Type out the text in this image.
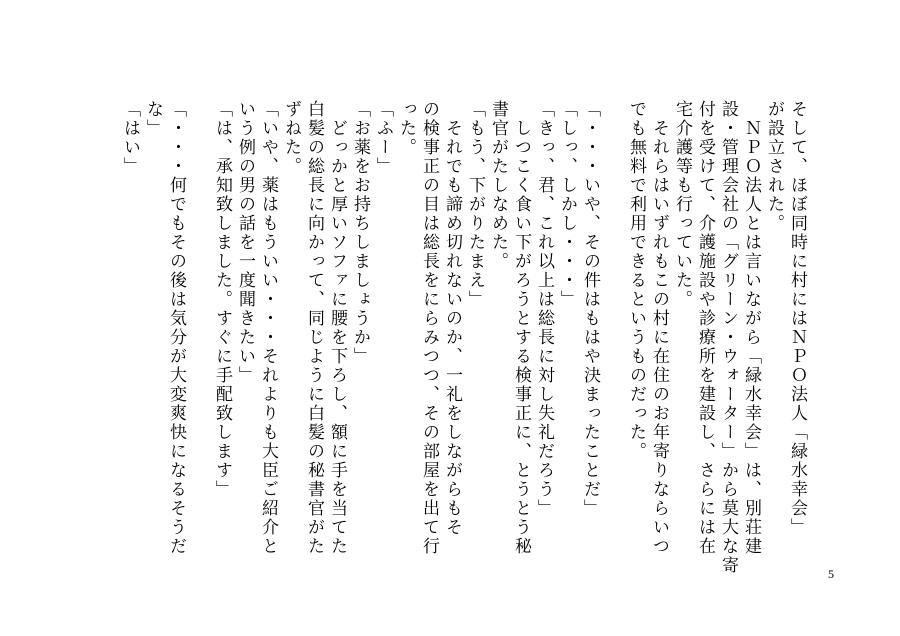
そして、ほぼ同時に村にはＮＰＯ法人「緑水幸会」
が設立された。
　ＮＰＯ法人とは言いながら「緑水幸会」は、別荘建
設・管理会社の「グリーン・ウォーター」から莫大な寄
付を受けて、介護施設や診療所を建設し、さらには在
宅介護等も行っていた。
　それらはいずれもこの村に在住のお年寄りならいつ
でも無料で利用できるというものだった。
「・・・いや、その件はもはや決まったことだ」
「しっ、しかし・・・」
「きっ、君、これ以上は総長に対し失礼だろう」
　しつこく食い下がろうとする検事正に、とうとう秘
書官がたしなめた。
「もう、下がりたまえ」
　それでも諦め切れないのか、一礼をしながらもそ
の検事正の目は総長をにらみつつ、その部屋を出て行
った。
「ふー」
「お薬をお持ちしましょうか」
　どっかと厚いソファに腰を下ろし、額に手を当てた
白髪の総長に向かって、同じように白髪の秘書官がた
ずねた。
「いや、薬はもういい・・・それよりも大臣ご紹介と
いう例の男の話を一度聞きたい」
「は、承知致しました。すぐに手配致します」
「・・・何でもその後は気分が大変爽快になるそうだ
な」
「はい」
5
